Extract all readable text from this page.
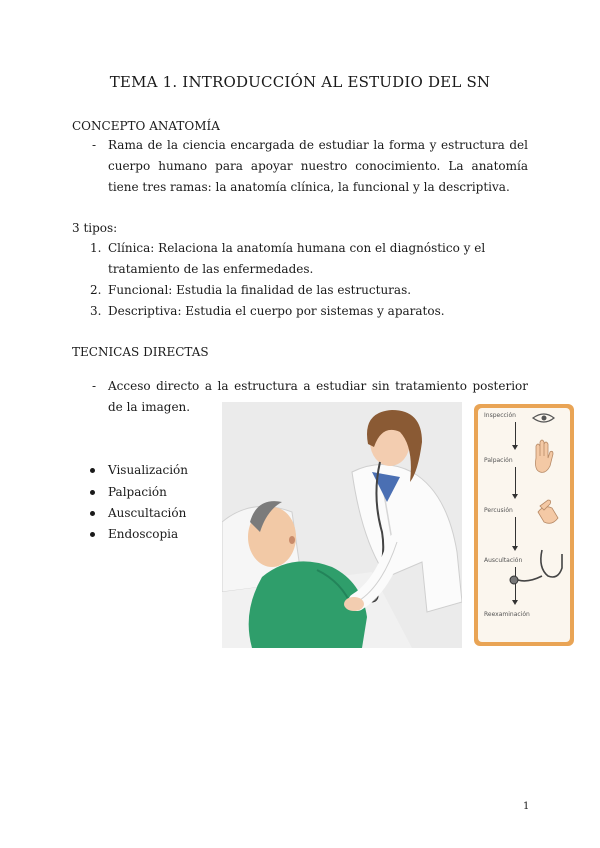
TEMA 1. INTRODUCCIÓN AL ESTUDIO DEL SN
CONCEPTO ANATOMÍA
- Rama de la ciencia encargada de estudiar la forma y estructura del cuerpo humano para apoyar nuestro conocimiento. La anatomía tiene tres ramas: la anatomía clínica, la funcional y la descriptiva.
3 tipos:
1. Clínica: Relaciona la anatomía humana con el diagnóstico y el tratamiento de las enfermedades.
2. Funcional: Estudia la finalidad de las estructuras.
3. Descriptiva: Estudia el cuerpo por sistemas y aparatos.
TECNICAS DIRECTAS
- Acceso directo a la estructura a estudiar sin tratamiento posterior de la imagen.
Visualización
Palpación
Auscultación
Endoscopia
Inspección
Palpación
Percusión
Auscultación
Reexaminación
1
